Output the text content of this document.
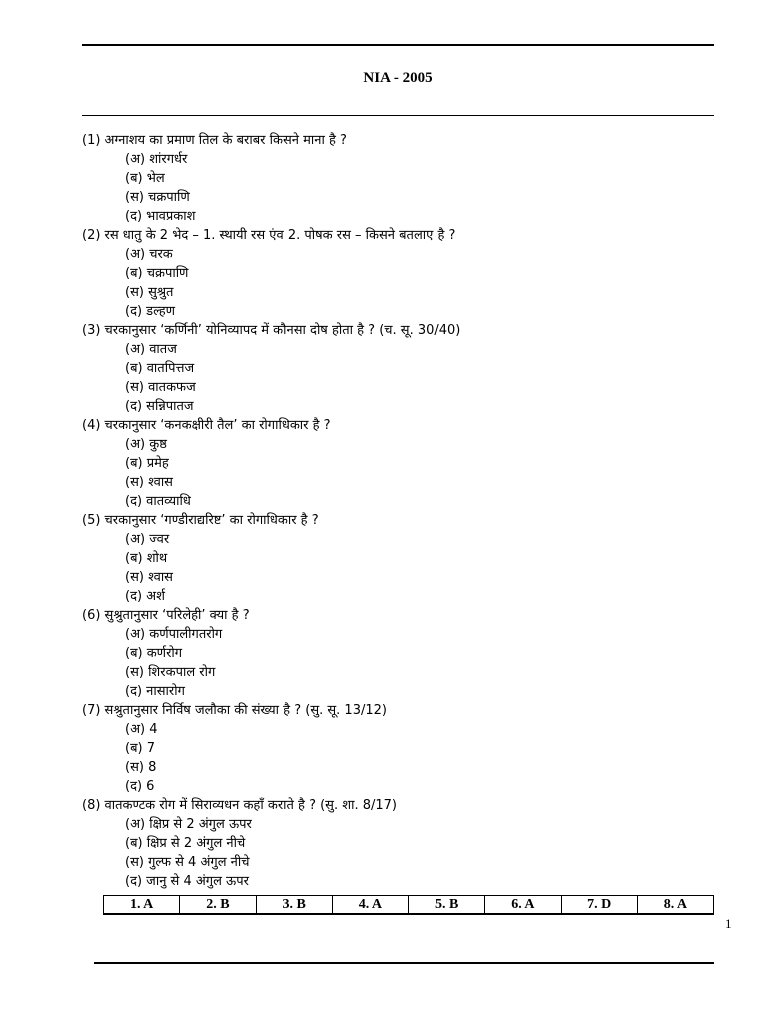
NIA - 2005
(1) अग्नाशय का प्रमाण तिल के बराबर किसने माना है ?
(अ) शांरगर्धर
(ब) भेल
(स) चक्रपाणि
(द) भावप्रकाश
(2) रस धातु के 2 भेद – 1. स्थायी रस एंव 2. पोषक रस – किसने बतलाए है ?
(अ) चरक
(ब) चक्रपाणि
(स) सुश्रुत
(द) डल्हण
(3) चरकानुसार ‘कर्णिनी’ योनिव्यापद में कौनसा दोष होता है ? (च. सू. 30/40)
(अ) वातज
(ब) वातपित्तज
(स) वातकफज
(द) सन्निपातज
(4) चरकानुसार ‘कनकक्षीरी तैल’ का रोगाधिकार है ?
(अ) कुष्ठ
(ब) प्रमेह
(स) श्वास
(द) वातव्याधि
(5) चरकानुसार ‘गण्डीराद्यरिष्ट’ का रोगाधिकार है ?
(अ) ज्वर
(ब) शोथ
(स) श्वास
(द) अर्श
(6) सुश्रुतानुसार ‘परिलेही’ क्या है ?
(अ) कर्णपालीगतरोग
(ब) कर्णरोग
(स) शिरकपाल रोग
(द) नासारोग
(7) सश्रुतानुसार निर्विष जलौका की संख्या है ? (सु. सू. 13/12)
(अ) 4
(ब) 7
(स) 8
(द) 6
(8) वातकण्टक रोग में सिराव्यधन कहाँ कराते है ? (सु. शा. 8/17)
(अ) क्षिप्र से 2 अंगुल ऊपर
(ब) क्षिप्र से 2 अंगुल नीचे
(स) गुल्फ से 4 अंगुल नीचे
(द) जानु से 4 अंगुल ऊपर
1. A	2. B	3. B	4. A	5. B	6. A	7. D	8. A
1
